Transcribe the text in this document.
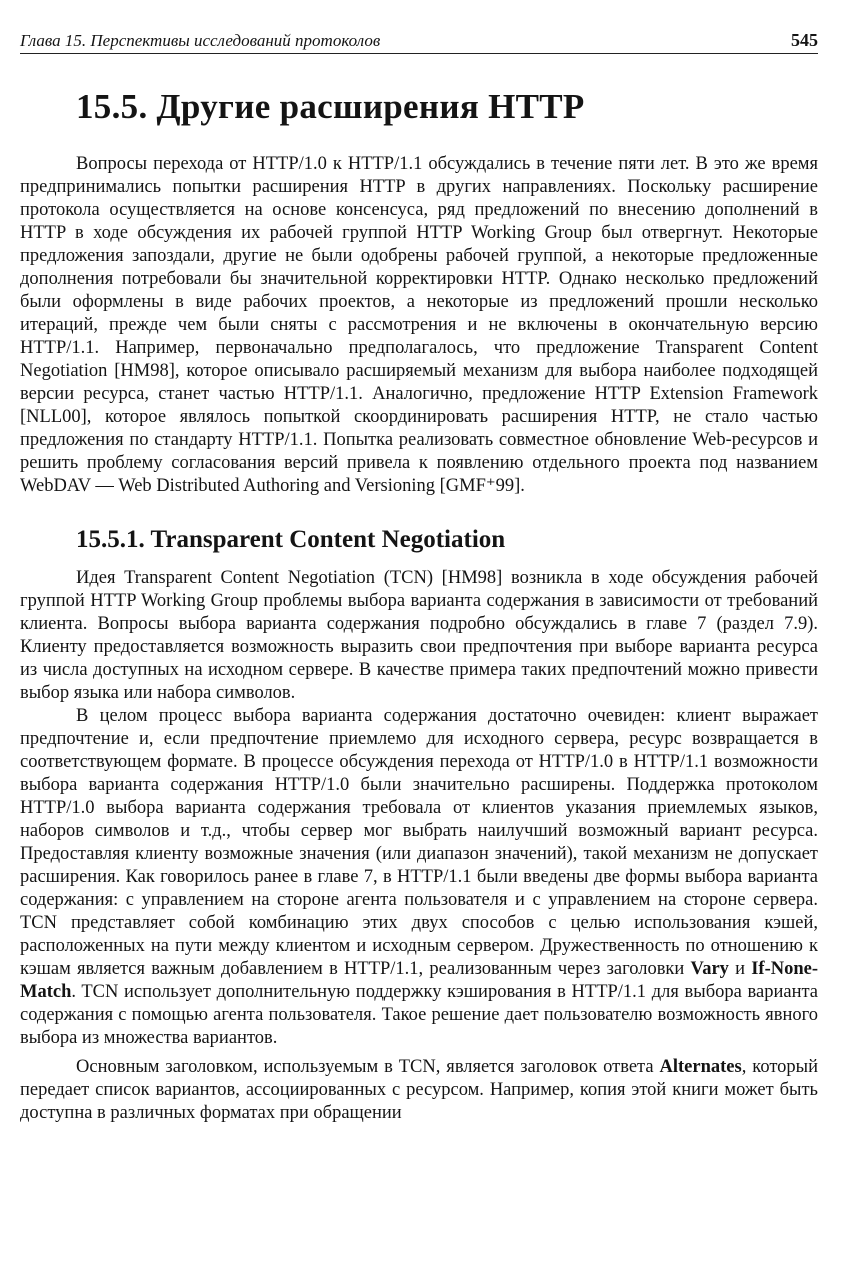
Глава 15. Перспективы исследований протоколов	545
15.5. Другие расширения HTTP

Вопросы перехода от HTTP/1.0 к HTTP/1.1 обсуждались в течение пяти лет. В это же время предпринимались попытки расширения HTTP в других направлениях. Поскольку расширение протокола осуществляется на основе консенсуса, ряд предложений по внесению дополнений в HTTP в ходе обсуждения их рабочей группой HTTP Working Group был отвергнут. Некоторые предложения запоздали, другие не были одобрены рабочей группой, а некоторые предложенные дополнения потребовали бы значительной корректировки HTTP. Однако несколько предложений были оформлены в виде рабочих проектов, а некоторые из предложений прошли несколько итераций, прежде чем были сняты с рассмотрения и не включены в окончательную версию HTTP/1.1. Например, первоначально предполагалось, что предложение Transparent Content Negotiation [HM98], которое описывало расширяемый механизм для выбора наиболее подходящей версии ресурса, станет частью HTTP/1.1. Аналогично, предложение HTTP Extension Framework [NLL00], которое являлось попыткой скоординировать расширения HTTP, не стало частью предложения по стандарту HTTP/1.1. Попытка реализовать совместное обновление Web-ресурсов и решить проблему согласования версий привела к появлению отдельного проекта под названием WebDAV — Web Distributed Authoring and Versioning [GMF⁺99].

15.5.1. Transparent Content Negotiation

Идея Transparent Content Negotiation (TCN) [HM98] возникла в ходе обсуждения рабочей группой HTTP Working Group проблемы выбора варианта содержания в зависимости от требований клиента. Вопросы выбора варианта содержания подробно обсуждались в главе 7 (раздел 7.9). Клиенту предоставляется возможность выразить свои предпочтения при выборе варианта ресурса из числа доступных на исходном сервере. В качестве примера таких предпочтений можно привести выбор языка или набора символов.

В целом процесс выбора варианта содержания достаточно очевиден: клиент выражает предпочтение и, если предпочтение приемлемо для исходного сервера, ресурс возвращается в соответствующем формате. В процессе обсуждения перехода от HTTP/1.0 в HTTP/1.1 возможности выбора варианта содержания HTTP/1.0 были значительно расширены. Поддержка протоколом HTTP/1.0 выбора варианта содержания требовала от клиентов указания приемлемых языков, наборов символов и т.д., чтобы сервер мог выбрать наилучший возможный вариант ресурса. Предоставляя клиенту возможные значения (или диапазон значений), такой механизм не допускает расширения. Как говорилось ранее в главе 7, в HTTP/1.1 были введены две формы выбора варианта содержания: с управлением на стороне агента пользователя и с управлением на стороне сервера. TCN представляет собой комбинацию этих двух способов с целью использования кэшей, расположенных на пути между клиентом и исходным сервером. Дружественность по отношению к кэшам является важным добавлением в HTTP/1.1, реализованным через заголовки Vary и If-None-Match. TCN использует дополнительную поддержку кэширования в HTTP/1.1 для выбора варианта содержания с помощью агента пользователя. Такое решение дает пользователю возможность явного выбора из множества вариантов.

Основным заголовком, используемым в TCN, является заголовок ответа Alternates, который передает список вариантов, ассоциированных с ресурсом. Например, копия этой книги может быть доступна в различных форматах при обращении
